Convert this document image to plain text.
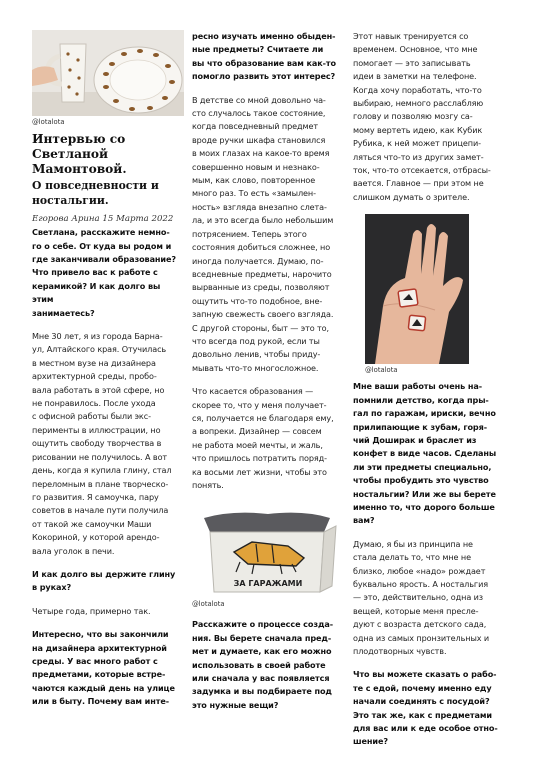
@lotalota

Интервью со

Светланой

Мамонтовой.

О повседневности и

ностальгии.

Егорова Арина 15 Марта 2022

Светлана, расскажите немно-

го о себе. От куда вы родом и

где заканчивали образование?

Что привело вас к работе с

керамикой? И как долго вы этим

занимаетесь?

Мне 30 лет, я из города Барна-

ул, Алтайского края. Отучилась

в местном вузе на дизайнера

архитектурной среды, пробо-

вала работать в этой сфере, но

не понравилось. После ухода

с офисной работы были экс-

перименты в иллюстрации, но

ощутить свободу творчества в

рисовании не получилось. А вот

день, когда я купила глину, стал

переломным в плане творческо-

го развития. Я самоучка, пару

советов в начале пути получила

от такой же самоучки Маши

Кокориной, у которой арендо-

вала уголок в печи.

И как долго вы держите глину

в руках?

Четыре года, примерно так.

Интересно, что вы закончили

на дизайнера архитектурной

среды. У вас много работ с

предметами, которые встре-

чаются каждый день на улице

или в быту. Почему вам инте-

ресно изучать именно обыден-

ные предметы? Считаете ли

вы что образование вам как-то

помогло развить этот интерес?

В детстве со мной довольно ча-

сто случалось такое состояние,

когда повседневный предмет

вроде ручки шкафа становился

в моих глазах на какое-то время

совершенно новым и незнако-

мым, как слово, повторенное

много раз. То есть «замылен-

ность» взгляда внезапно слета-

ла, и это всегда было небольшим

потрясением. Теперь этого

состояния добиться сложнее, но

иногда получается. Думаю, по-

вседневные предметы, нарочито

вырванные из среды, позволяют

ощутить что-то подобное, вне-

запную свежесть своего взгляда.

С другой стороны, быт — это то,

что всегда под рукой, если ты

довольно ленив, чтобы приду-

мывать что-то многосложное.

Что касается образования —

скорее то, что у меня получает-

ся, получается не благодаря ему,

а вопреки. Дизайнер — совсем

не работа моей мечты, и жаль,

что пришлось потратить поряд-

ка восьми лет жизни, чтобы это

понять.

ЗА ГАРАЖАМИ

@lotalota

Расскажите о процессе созда-

ния. Вы берете сначала пред-

мет и думаете, как его можно

использовать в своей работе

или сначала у вас появляется

задумка и вы подбираете под

это нужные вещи?

Этот навык тренируется со

временем. Основное, что мне

помогает — это записывать

идеи в заметки на телефоне.

Когда хочу поработать, что-то

выбираю, немного расслабляю

голову и позволяю мозгу са-

мому вертеть идею, как Кубик

Рубика, к ней может прицепи-

ляться что-то из других замет-

ток, что-то отсекается, отбрасы-

вается. Главное — при этом не

слишком думать о зрителе.

@lotalota

Мне ваши работы очень на-

помнили детство, когда пры-

гал по гаражам, ириски, вечно

прилипающие к зубам, горя-

чий Доширак и браслет из

конфет в виде часов. Сделаны

ли эти предметы специально,

чтобы пробудить это чувство

ностальгии? Или же вы берете

именно то, что дорого больше

вам?

Думаю, я бы из принципа не

стала делать то, что мне не

близко, любое «надо» рождает

буквально ярость. А ностальгия

— это, действительно, одна из

вещей, которые меня пресле-

дуют с возраста детского сада,

одна из самых пронзительных и

плодотворных чувств.

Что вы можете сказать о рабо-

те с едой, почему именно еду

начали соединять с посудой?

Это так же, как с предметами

для вас или к еде особое отно-

шение?
